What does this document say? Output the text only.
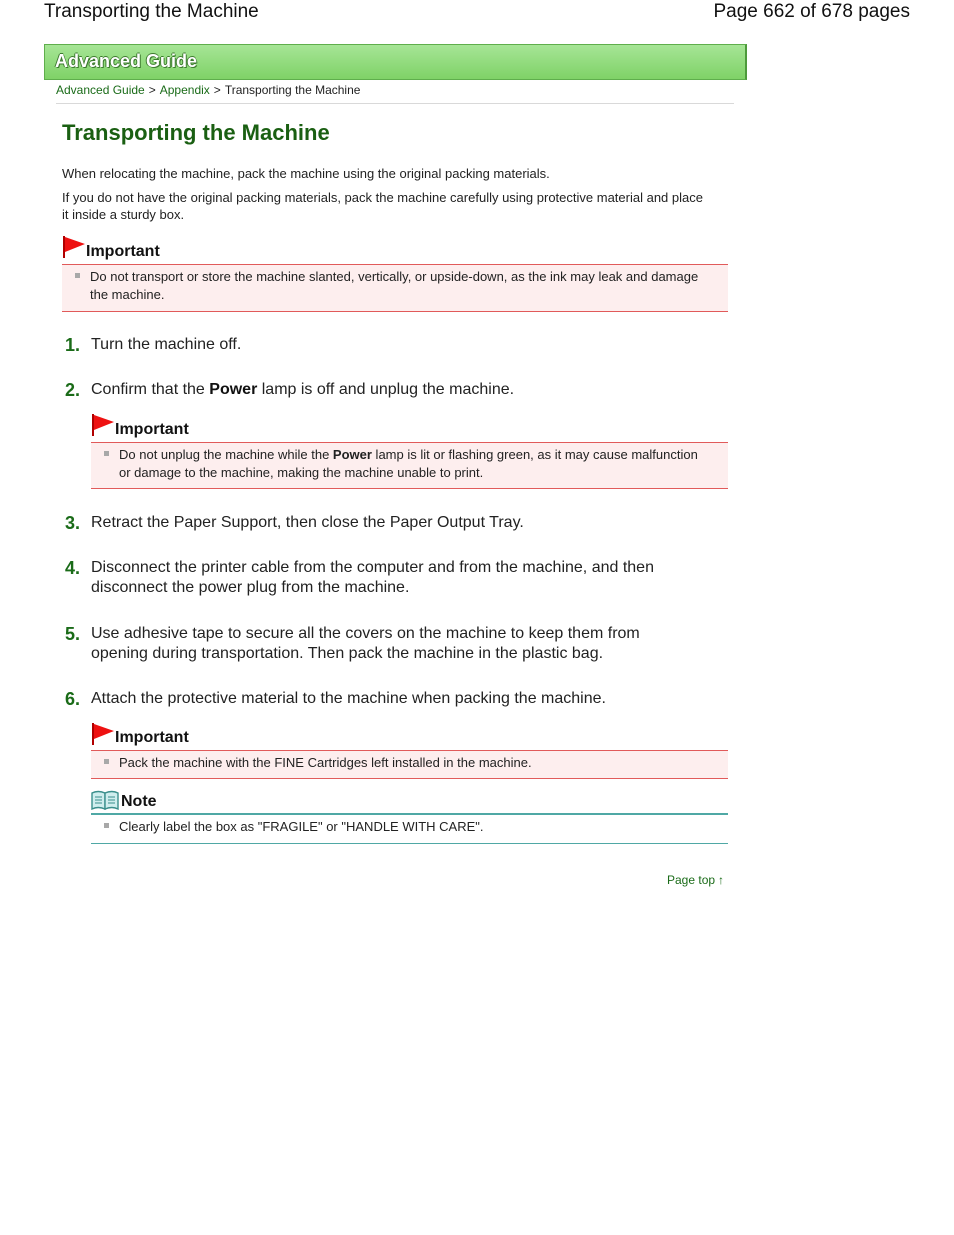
Transporting the Machine	Page 662 of 678 pages
Advanced Guide
Advanced Guide > Appendix > Transporting the Machine
Transporting the Machine
When relocating the machine, pack the machine using the original packing materials.
If you do not have the original packing materials, pack the machine carefully using protective material and place it inside a sturdy box.
Important
Do not transport or store the machine slanted, vertically, or upside-down, as the ink may leak and damage the machine.
1. Turn the machine off.
2. Confirm that the Power lamp is off and unplug the machine.
Important
Do not unplug the machine while the Power lamp is lit or flashing green, as it may cause malfunction or damage to the machine, making the machine unable to print.
3. Retract the Paper Support, then close the Paper Output Tray.
4. Disconnect the printer cable from the computer and from the machine, and then disconnect the power plug from the machine.
5. Use adhesive tape to secure all the covers on the machine to keep them from opening during transportation. Then pack the machine in the plastic bag.
6. Attach the protective material to the machine when packing the machine.
Important
Pack the machine with the FINE Cartridges left installed in the machine.
Note
Clearly label the box as "FRAGILE" or "HANDLE WITH CARE".
Page top ↑
